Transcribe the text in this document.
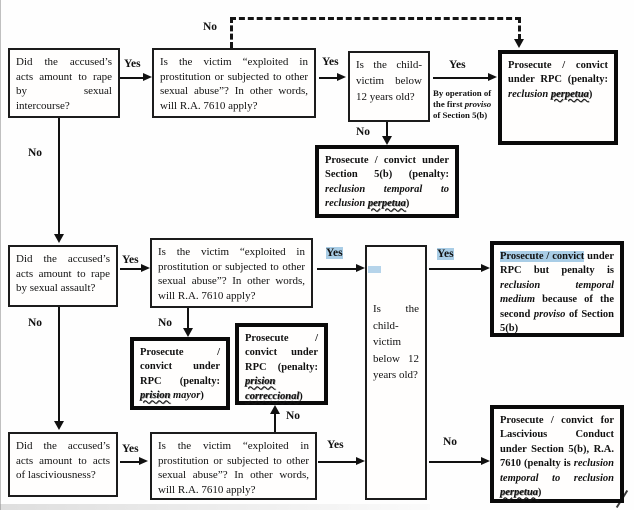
Did the accused’s acts amount to rape by sexual intercourse?
Yes	Is the victim “exploited in prostitution or subjected to other sexual abuse”? In other words, will R.A. 7610 apply?
No
Yes	Is the child-victim below 12 years old?
Yes
By operation of the first proviso of Section 5(b)
Prosecute / convict under RPC (penalty: reclusion perpetua)
No
Prosecute / convict under Section 5(b) (penalty: reclusion temporal to reclusion perpetua)
No
Did the accused’s acts amount to rape by sexual assault?
Yes
Is the victim “exploited in prostitution or subjected to other sexual abuse”? In other words, will R.A. 7610 apply?
Yes
Is the child-victim below 12 years old?
Yes	Prosecute / convict under RPC but penalty is reclusion temporal medium because of the second proviso of Section 5(b)
No
Prosecute / convict under RPC (penalty: prision mayor)
Prosecute / convict under RPC (penalty: prision correccional)
No
No
Did the accused’s acts amount to acts of lasciviousness?
Yes	Is the victim “exploited in prostitution or subjected to other sexual abuse”? In other words, will R.A. 7610 apply?
Yes	No
Prosecute / convict for Lascivious Conduct under Section 5(b), R.A. 7610 (penalty is reclusion temporal to reclusion perpetua)
